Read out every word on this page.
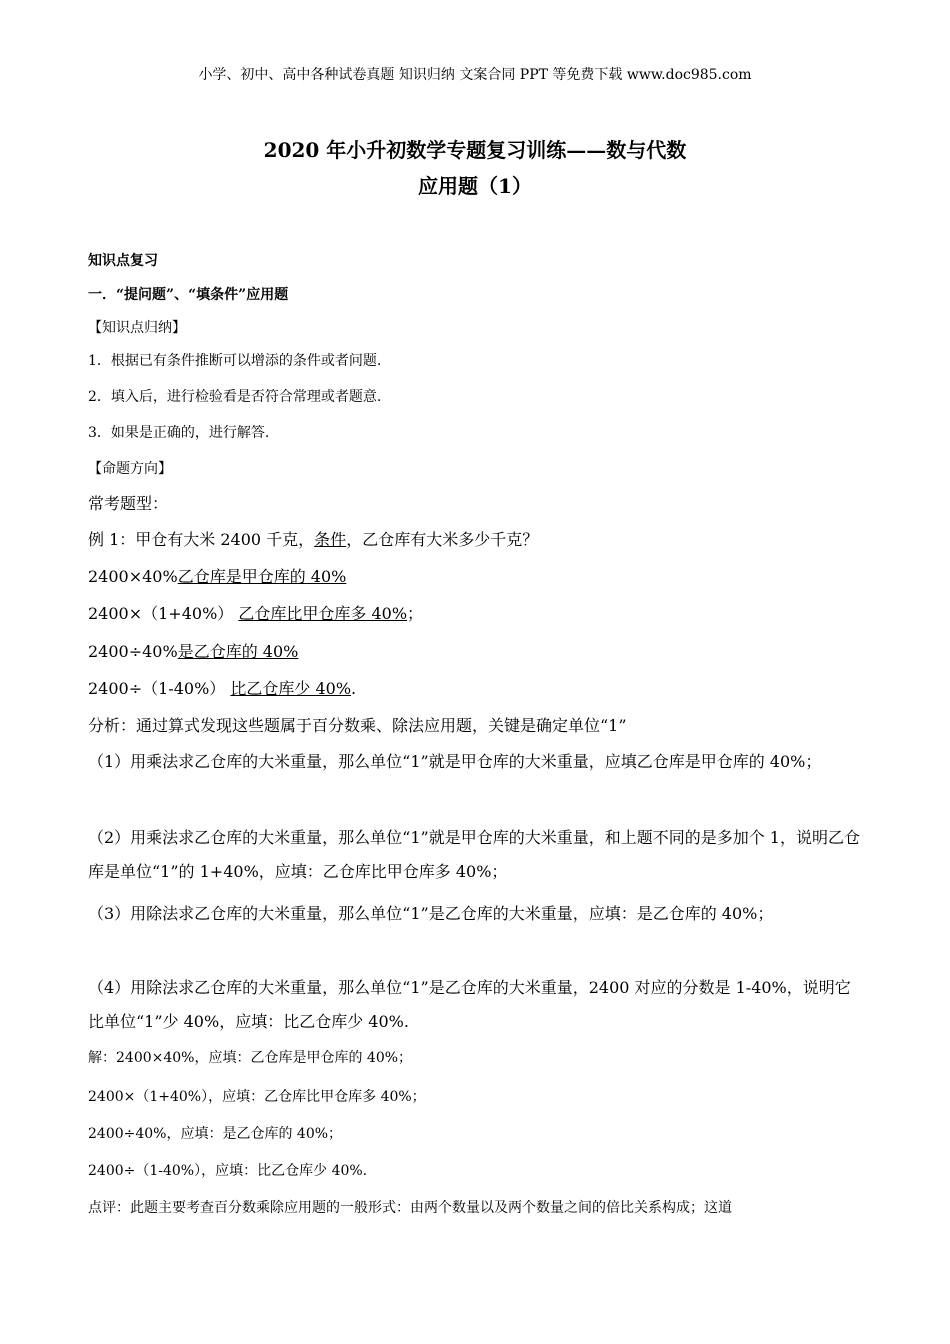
小学、初中、高中各种试卷真题 知识归纳 文案合同 PPT 等免费下载 www.doc985.com
2020 年小升初数学专题复习训练——数与代数
应用题（1）
知识点复习
一．“提问题”、“填条件”应用题
【知识点归纳】
1．根据已有条件推断可以增添的条件或者问题.
2．填入后，进行检验看是否符合常理或者题意.
3．如果是正确的，进行解答.
【命题方向】
常考题型：
例 1：甲仓有大米 2400 千克，条件，乙仓库有大米多少千克？
2400×40%乙仓库是甲仓库的 40%
2400×（1+40%） 乙仓库比甲仓库多 40%；
2400÷40%是乙仓库的 40%
2400÷（1-40%） 比乙仓库少 40%.
分析：通过算式发现这些题属于百分数乘、除法应用题，关键是确定单位“1”
（1）用乘法求乙仓库的大米重量，那么单位“1”就是甲仓库的大米重量，应填乙仓库是甲仓库的 40%；
（2）用乘法求乙仓库的大米重量，那么单位“1”就是甲仓库的大米重量，和上题不同的是多加个 1，说明乙仓库是单位“1”的 1+40%，应填：乙仓库比甲仓库多 40%；
（3）用除法求乙仓库的大米重量，那么单位“1”是乙仓库的大米重量，应填：是乙仓库的 40%；
（4）用除法求乙仓库的大米重量，那么单位“1”是乙仓库的大米重量，2400 对应的分数是 1-40%，说明它比单位“1”少 40%，应填：比乙仓库少 40%.
解：2400×40%，应填：乙仓库是甲仓库的 40%；
2400×（1+40%），应填：乙仓库比甲仓库多 40%；
2400÷40%，应填：是乙仓库的 40%；
2400÷（1-40%），应填：比乙仓库少 40%.
点评：此题主要考查百分数乘除应用题的一般形式：由两个数量以及两个数量之间的倍比关系构成；这道
